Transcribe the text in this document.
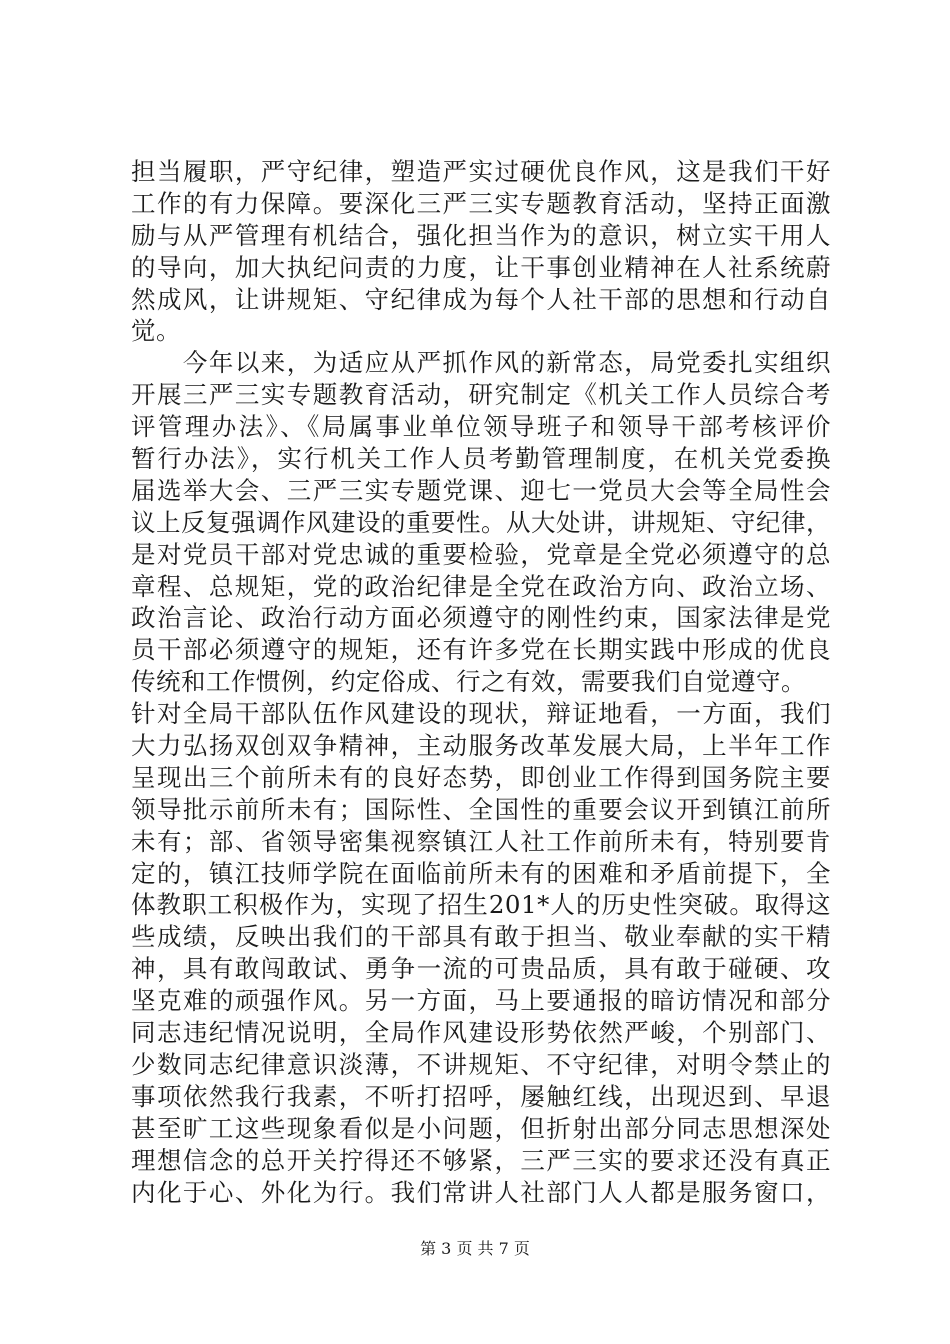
担当履职，严守纪律，塑造严实过硬优良作风，这是我们干好
工作的有力保障。要深化三严三实专题教育活动，坚持正面激
励与从严管理有机结合，强化担当作为的意识，树立实干用人
的导向，加大执纪问责的力度，让干事创业精神在人社系统蔚
然成风，让讲规矩、守纪律成为每个人社干部的思想和行动自
觉。
　　今年以来，为适应从严抓作风的新常态，局党委扎实组织
开展三严三实专题教育活动，研究制定《机关工作人员综合考
评管理办法》、《局属事业单位领导班子和领导干部考核评价
暂行办法》，实行机关工作人员考勤管理制度，在机关党委换
届选举大会、三严三实专题党课、迎七一党员大会等全局性会
议上反复强调作风建设的重要性。从大处讲，讲规矩、守纪律，
是对党员干部对党忠诚的重要检验，党章是全党必须遵守的总
章程、总规矩，党的政治纪律是全党在政治方向、政治立场、
政治言论、政治行动方面必须遵守的刚性约束，国家法律是党
员干部必须遵守的规矩，还有许多党在长期实践中形成的优良
传统和工作惯例，约定俗成、行之有效，需要我们自觉遵守。
针对全局干部队伍作风建设的现状，辩证地看，一方面，我们
大力弘扬双创双争精神，主动服务改革发展大局，上半年工作
呈现出三个前所未有的良好态势，即创业工作得到国务院主要
领导批示前所未有；国际性、全国性的重要会议开到镇江前所
未有；部、省领导密集视察镇江人社工作前所未有，特别要肯
定的，镇江技师学院在面临前所未有的困难和矛盾前提下，全
体教职工积极作为，实现了招生201*人的历史性突破。取得这
些成绩，反映出我们的干部具有敢于担当、敬业奉献的实干精
神，具有敢闯敢试、勇争一流的可贵品质，具有敢于碰硬、攻
坚克难的顽强作风。另一方面，马上要通报的暗访情况和部分
同志违纪情况说明，全局作风建设形势依然严峻，个别部门、
少数同志纪律意识淡薄，不讲规矩、不守纪律，对明令禁止的
事项依然我行我素，不听打招呼，屡触红线，出现迟到、早退
甚至旷工这些现象看似是小问题，但折射出部分同志思想深处
理想信念的总开关拧得还不够紧，三严三实的要求还没有真正
内化于心、外化为行。我们常讲人社部门人人都是服务窗口，
第 3 页 共 7 页
